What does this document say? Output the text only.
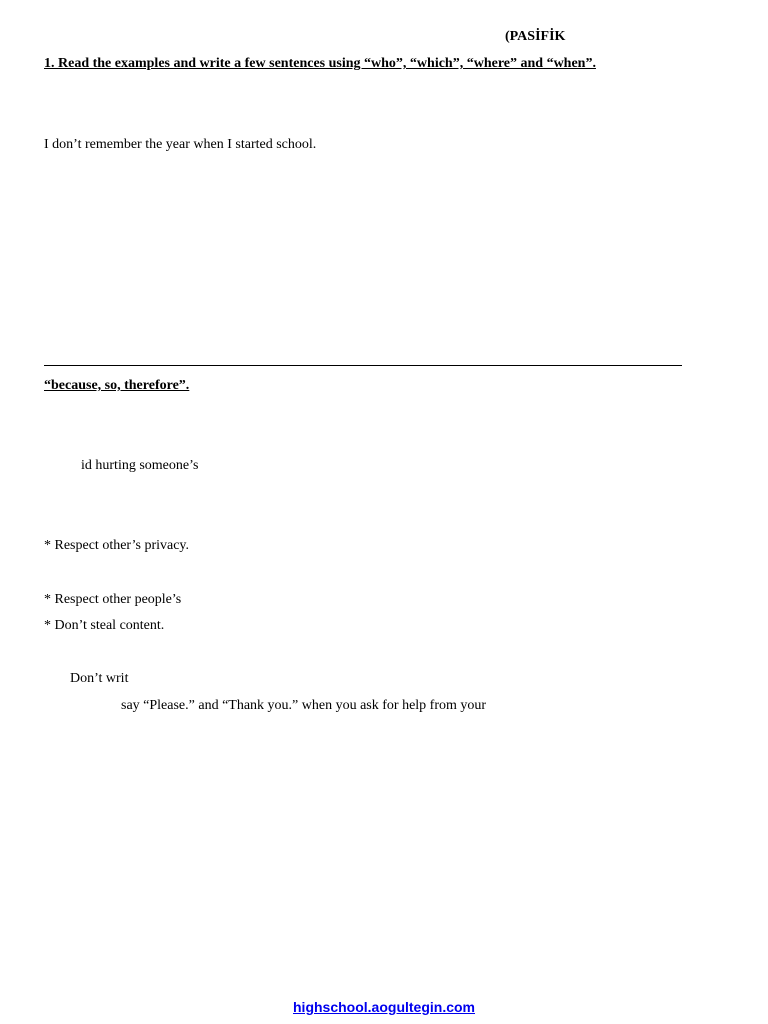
(PASİFİK
1. Read the examples and write a few sentences using “who”, “which”, “where” and “when”.
I don’t remember the year when I started school.
“because, so, therefore”.
id hurting someone’s
* Respect other’s privacy.
* Respect other people’s
* Don’t steal content.
Don’t writ
say “Please.” and “Thank you.” when you ask for help from your
highschool.aogultegin.com
